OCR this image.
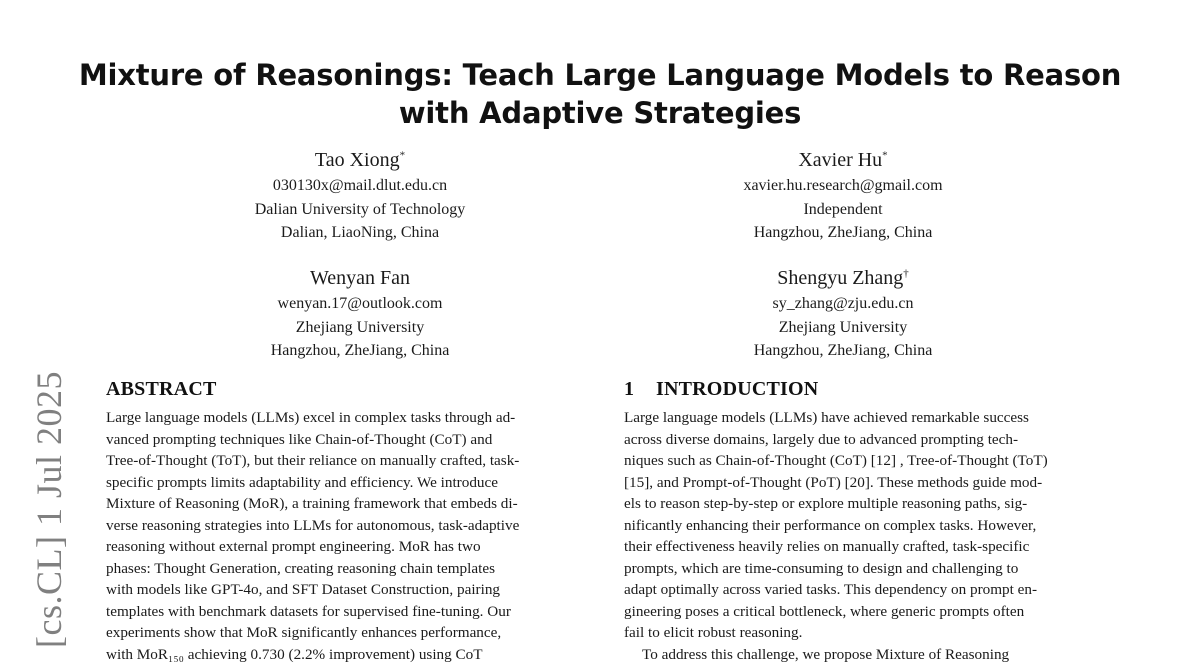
[cs.CL] 1 Jul 2025
Mixture of Reasonings: Teach Large Language Models to Reason
with Adaptive Strategies
Tao Xiong*
030130x@mail.dlut.edu.cn
Dalian University of Technology
Dalian, LiaoNing, China
Xavier Hu*
xavier.hu.research@gmail.com
Independent
Hangzhou, ZheJiang, China
Wenyan Fan
wenyan.17@outlook.com
Zhejiang University
Hangzhou, ZheJiang, China
Shengyu Zhang†
sy_zhang@zju.edu.cn
Zhejiang University
Hangzhou, ZheJiang, China
ABSTRACT
Large language models (LLMs) excel in complex tasks through ad-
vanced prompting techniques like Chain-of-Thought (CoT) and
Tree-of-Thought (ToT), but their reliance on manually crafted, task-
specific prompts limits adaptability and efficiency. We introduce
Mixture of Reasoning (MoR), a training framework that embeds di-
verse reasoning strategies into LLMs for autonomous, task-adaptive
reasoning without external prompt engineering. MoR has two
phases: Thought Generation, creating reasoning chain templates
with models like GPT-4o, and SFT Dataset Construction, pairing
templates with benchmark datasets for supervised fine-tuning. Our
experiments show that MoR significantly enhances performance,
with MoR₁₅₀ achieving 0.730 (2.2% improvement) using CoT
1 INTRODUCTION
Large language models (LLMs) have achieved remarkable success
across diverse domains, largely due to advanced prompting tech-
niques such as Chain-of-Thought (CoT) [12] , Tree-of-Thought (ToT)
[15], and Prompt-of-Thought (PoT) [20]. These methods guide mod-
els to reason step-by-step or explore multiple reasoning paths, sig-
nificantly enhancing their performance on complex tasks. However,
their effectiveness heavily relies on manually crafted, task-specific
prompts, which are time-consuming to design and challenging to
adapt optimally across varied tasks. This dependency on prompt en-
gineering poses a critical bottleneck, where generic prompts often
fail to elicit robust reasoning.
To address this challenge, we propose Mixture of Reasoning
